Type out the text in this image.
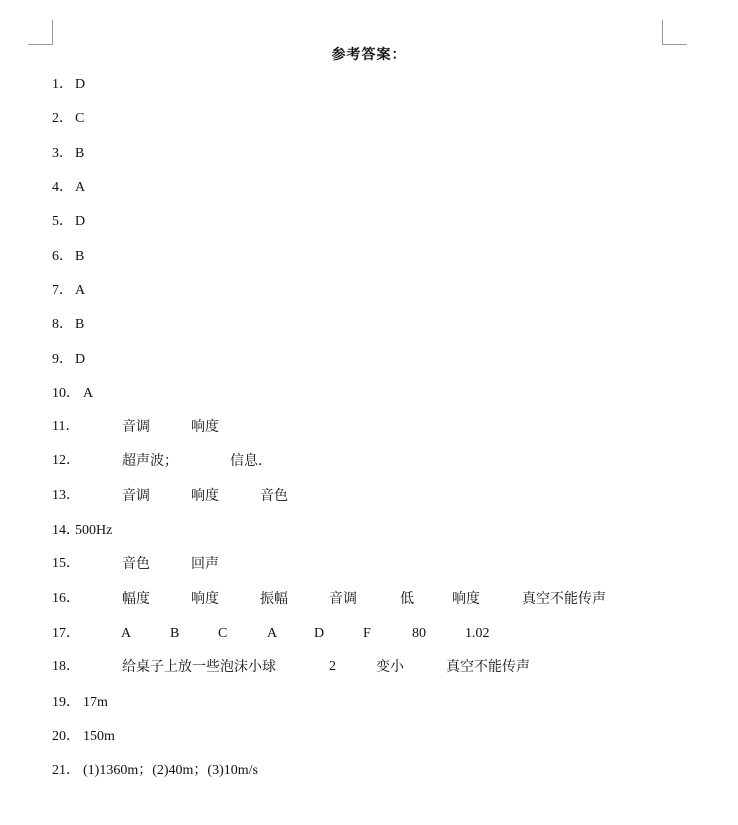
参考答案：
1． D
2． C
3． B
4． A
5． D
6． B
7． A
8． B
9． D
10． A
11．	音调	响度
12．	超声波；	信息．
13．	音调	响度	音色
14．
500Hz
15．	音色	回声
16．	幅度	响度	振幅	音调	低	响度	真空不能传声
17．	A	B	C	A	D	F	80	1.02
18．	给桌子上放一些泡沫小球	2	变小	真空不能传声
19． 17m
20． 150m
21． (1)1360m；(2)40m；(3)10m/s
